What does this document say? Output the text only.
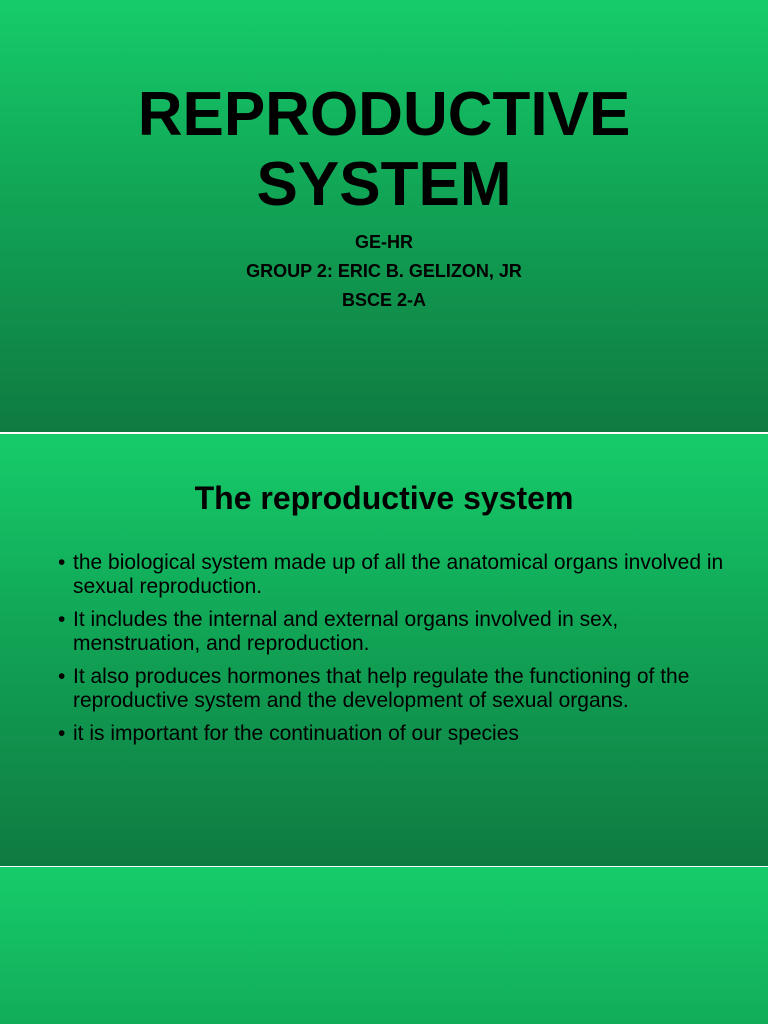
REPRODUCTIVE
SYSTEM
GE-HR
GROUP 2: ERIC B. GELIZON, JR
BSCE 2-A
The reproductive system
• the biological system made up of all the anatomical organs involved in sexual reproduction.
• It includes the internal and external organs involved in sex, menstruation, and reproduction.
• It also produces hormones that help regulate the functioning of the reproductive system and the development of sexual organs.
• it is important for the continuation of our species
